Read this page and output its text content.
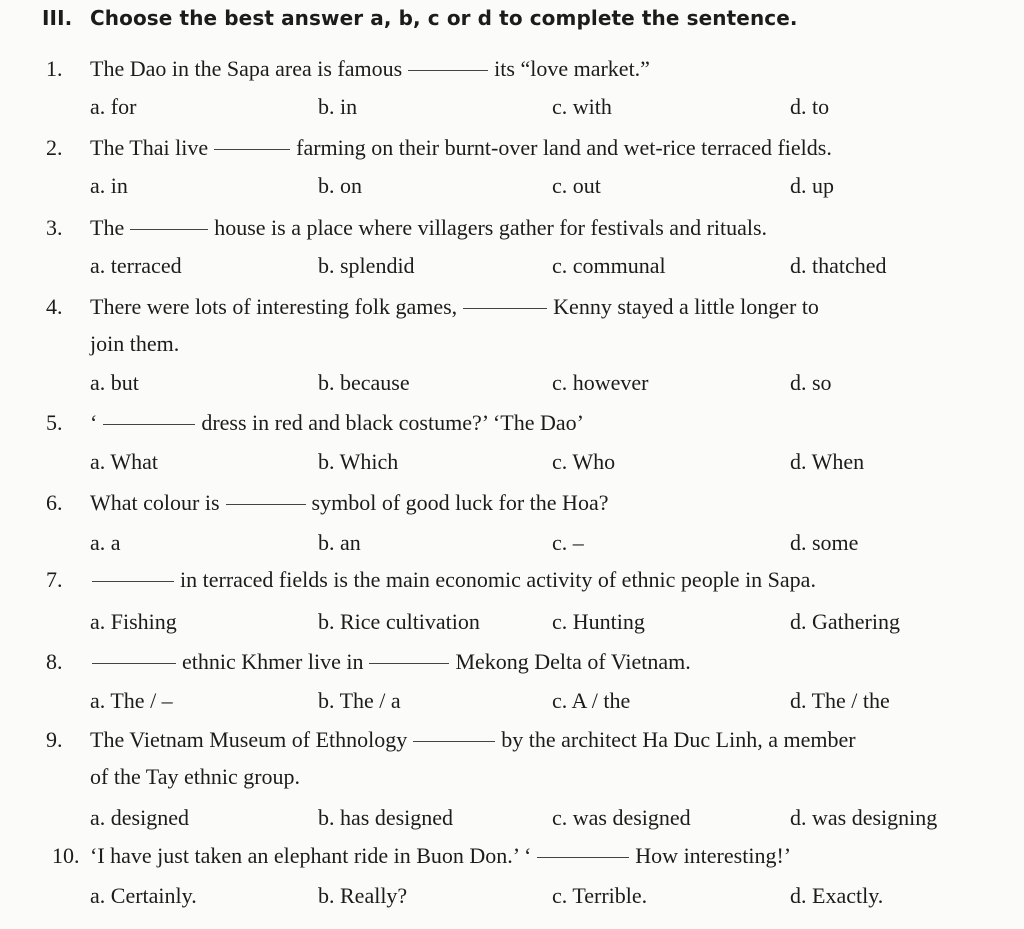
III. Choose the best answer a, b, c or d to complete the sentence.
1. The Dao in the Sapa area is famous	its “love market.”
a. for	b. in	c. with	d. to
2. The Thai live	farming on their burnt-over land and wet-rice terraced fields.
a. in	b. on	c. out	d. up
3. The	house is a place where villagers gather for festivals and rituals.
a. terraced	b. splendid	c. communal	d. thatched
4. There were lots of interesting folk games,	Kenny stayed a little longer to
join them.
a. but	b. because	c. however	d. so
5. ‘	dress in red and black costume?’ ‘The Dao’
a. What	b. Which	c. Who	d. When
6. What colour is	symbol of good luck for the Hoa?
a. a	b. an	c. –	d. some
7.	in terraced fields is the main economic activity of ethnic people in Sapa.
a. Fishing	b. Rice cultivation	c. Hunting	d. Gathering
8.	ethnic Khmer live in	Mekong Delta of Vietnam.
a. The / –	b. The / a	c. A / the	d. The / the
9. The Vietnam Museum of Ethnology	by the architect Ha Duc Linh, a member
of the Tay ethnic group.
a. designed	b. has designed	c. was designed	d. was designing
10. ‘I have just taken an elephant ride in Buon Don.’ ‘	How interesting!’
a. Certainly.	b. Really?	c. Terrible.	d. Exactly.
